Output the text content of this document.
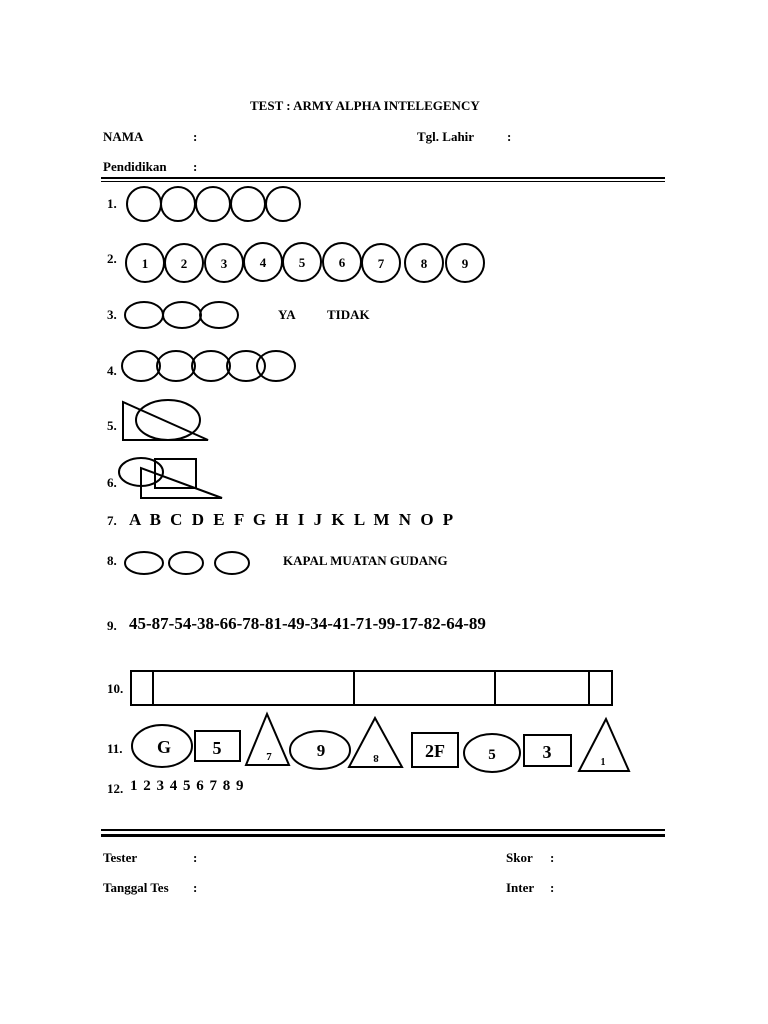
TEST : ARMY ALPHA INTELEGENCY
NAMA	:	Tgl. Lahir	:
Pendidikan :
1.
2.
3.	YA TIDAK
4.
5.
6.
7. A B C D E F G H I J K L M N O P
8.	KAPAL MUATAN GUDANG
9. 45-87-54-38-66-78-81-49-34-41-71-99-17-82-64-89
10.
11.
12. 1 2 3 4 5 6 7 8 9
1	2	3	4	5	6	7	8	9
G 5	7	9	8	2F	5	3
1
Tester	:	Skor :
Tanggal Tes :	Inter :
